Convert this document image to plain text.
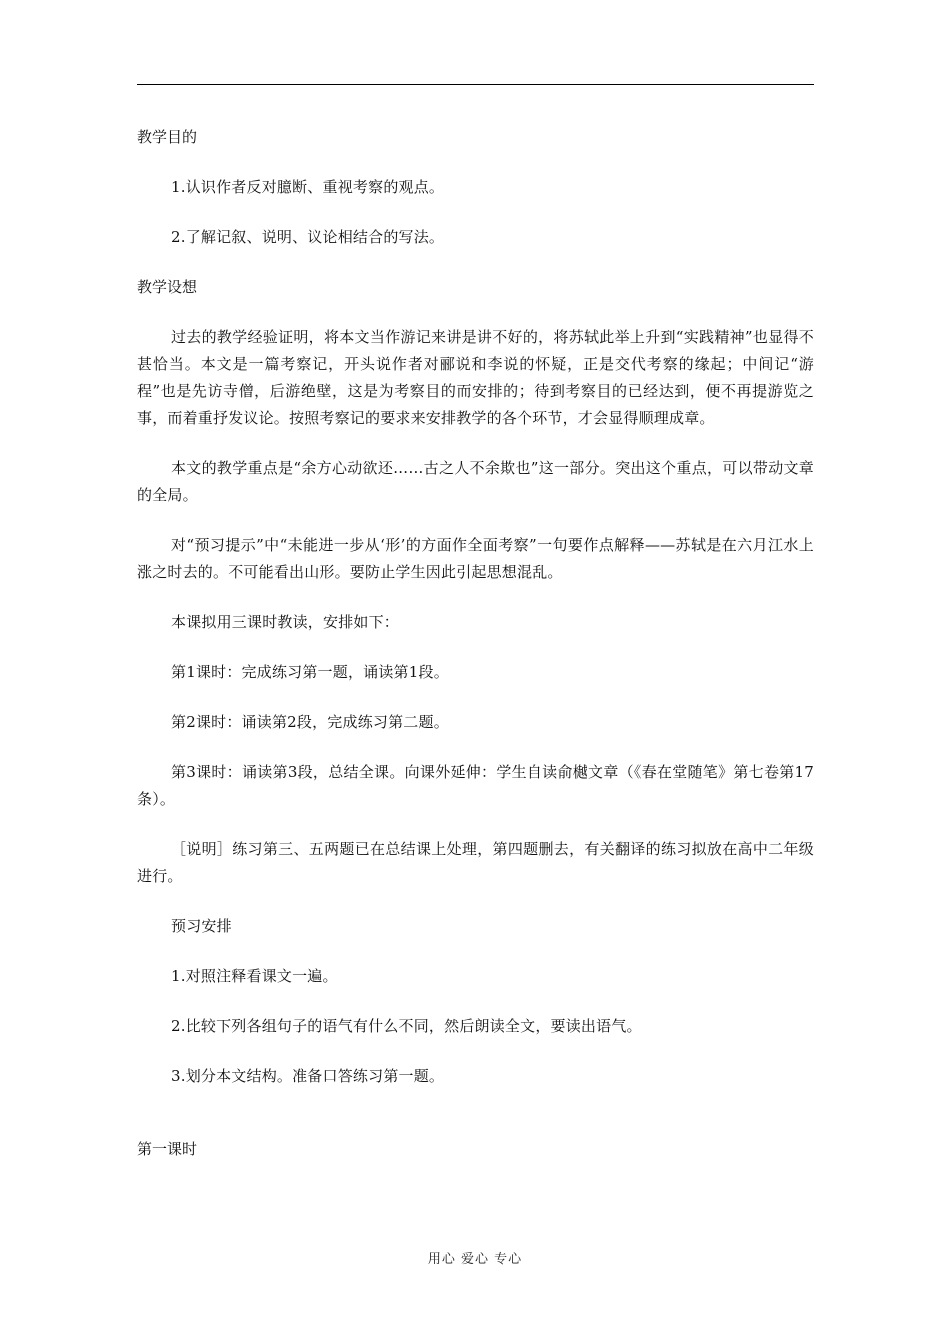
教学目的

1.认识作者反对臆断、重视考察的观点。

2.了解记叙、说明、议论相结合的写法。

教学设想

过去的教学经验证明，将本文当作游记来讲是讲不好的，将苏轼此举上升到“实践精神”也显得不甚恰当。本文是一篇考察记，开头说作者对郦说和李说的怀疑，正是交代考察的缘起；中间记“游程”也是先访寺僧，后游绝壁，这是为考察目的而安排的；待到考察目的已经达到，便不再提游览之事，而着重抒发议论。按照考察记的要求来安排教学的各个环节，才会显得顺理成章。

本文的教学重点是“余方心动欲还……古之人不余欺也”这一部分。突出这个重点，可以带动文章的全局。

对“预习提示”中“未能进一步从‘形’的方面作全面考察”一句要作点解释——苏轼是在六月江水上涨之时去的。不可能看出山形。要防止学生因此引起思想混乱。

本课拟用三课时教读，安排如下：

第1课时：完成练习第一题，诵读第1段。

第2课时：诵读第2段，完成练习第二题。

第3课时：诵读第3段，总结全课。向课外延伸：学生自读俞樾文章（《春在堂随笔》第七卷第17条）。

［说明］练习第三、五两题已在总结课上处理，第四题删去，有关翻译的练习拟放在高中二年级进行。

预习安排

1.对照注释看课文一遍。

2.比较下列各组句子的语气有什么不同，然后朗读全文，要读出语气。

3.划分本文结构。准备口答练习第一题。

第一课时

用心 爱心 专心
